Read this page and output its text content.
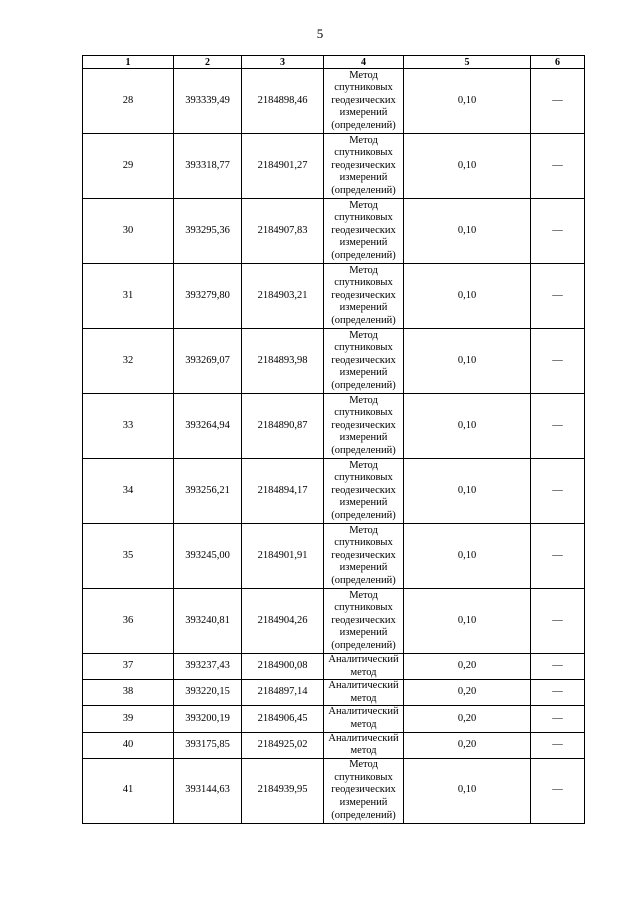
5
1	2	3	4	5	6
28	393339,49	2184898,46	Метод спутниковых геодезических измерений (определений)	0,10	—
29	393318,77	2184901,27	Метод спутниковых геодезических измерений (определений)	0,10	—
30	393295,36	2184907,83	Метод спутниковых геодезических измерений (определений)	0,10	—
31	393279,80	2184903,21	Метод спутниковых геодезических измерений (определений)	0,10	—
32	393269,07	2184893,98	Метод спутниковых геодезических измерений (определений)	0,10	—
33	393264,94	2184890,87	Метод спутниковых геодезических измерений (определений)	0,10	—
34	393256,21	2184894,17	Метод спутниковых геодезических измерений (определений)	0,10	—
35	393245,00	2184901,91	Метод спутниковых геодезических измерений (определений)	0,10	—
36	393240,81	2184904,26	Метод спутниковых геодезических измерений (определений)	0,10	—
37	393237,43	2184900,08	Аналитический метод	0,20	—
38	393220,15	2184897,14	Аналитический метод	0,20	—
39	393200,19	2184906,45	Аналитический метод	0,20	—
40	393175,85	2184925,02	Аналитический метод	0,20	—
41	393144,63	2184939,95	Метод спутниковых геодезических измерений (определений)	0,10	—
